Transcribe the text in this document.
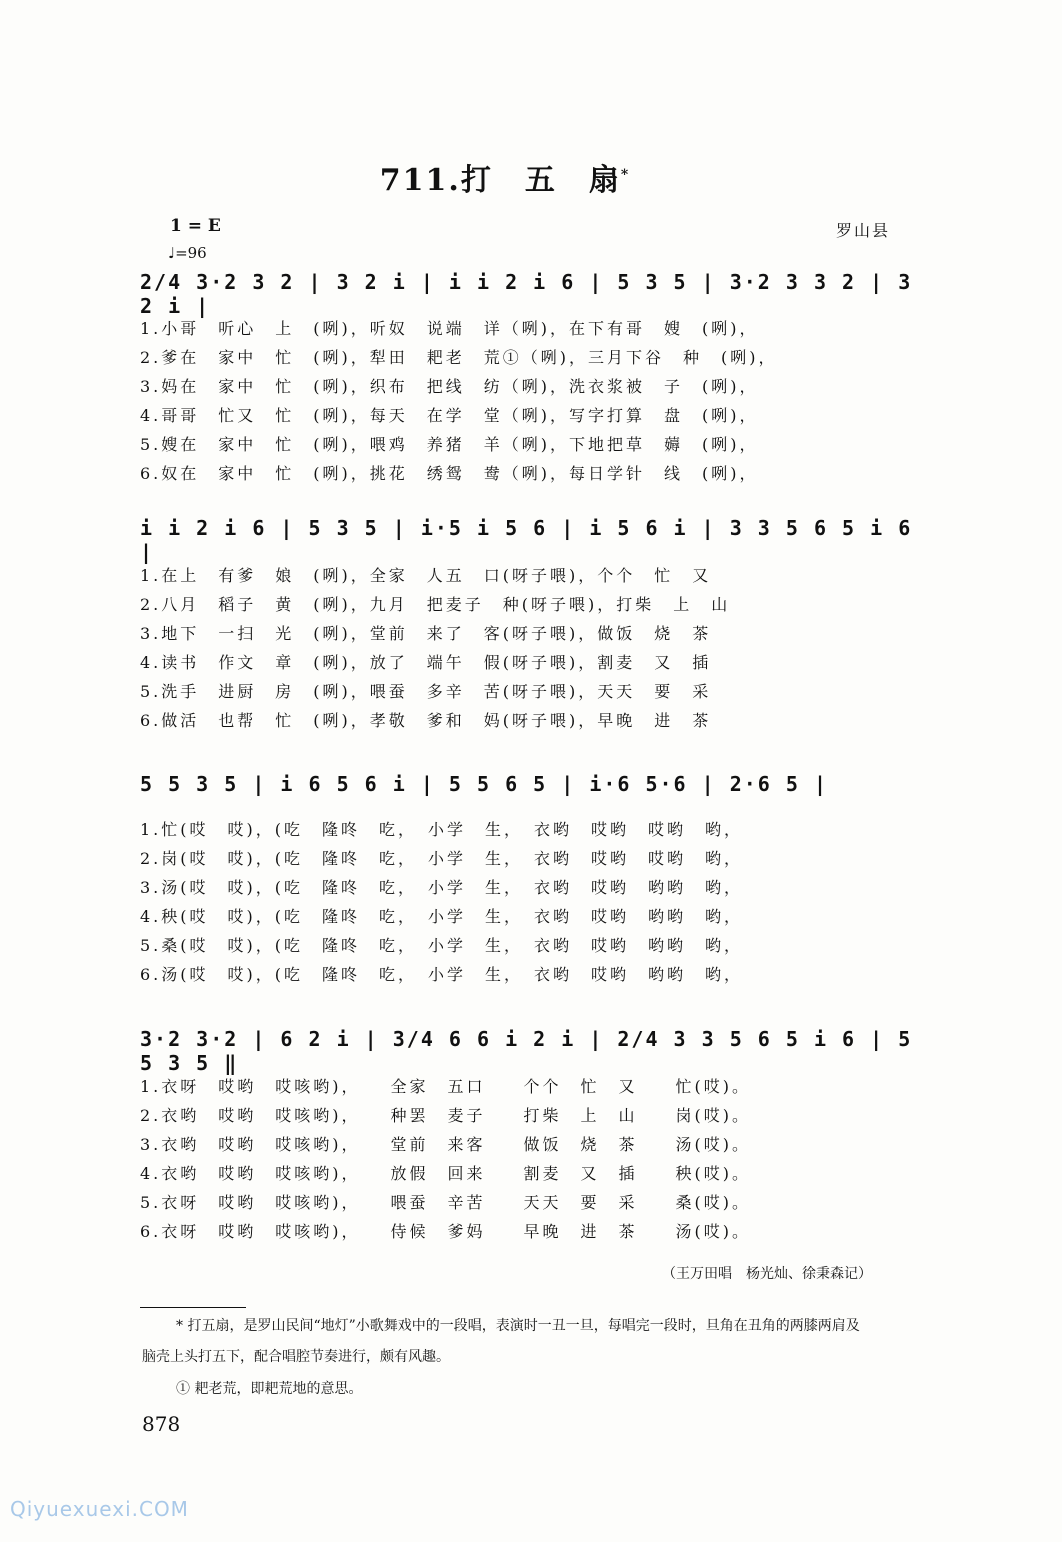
711.打　五　扇*
1 = E
♩=96
罗山县
2/4 3·2 3 2 | 3 2 i | i i 2 i 6 | 5 3 5 | 3·2 3 3 2 | 3 2 i |
1.小哥　听心　上　(咧)，听奴　说端　详（咧)，在下有哥　嫂　(咧)，
2.爹在　家中　忙　(咧)，犁田　耙老　荒①（咧)，三月下谷　种　(咧)，
3.妈在　家中　忙　(咧)，织布　把线　纺（咧)，洗衣浆被　子　(咧)，
4.哥哥　忙又　忙　(咧)，每天　在学　堂（咧)，写字打算　盘　(咧)，
5.嫂在　家中　忙　(咧)，喂鸡　养猪　羊（咧)，下地把草　薅　(咧)，
6.奴在　家中　忙　(咧)，挑花　绣鸳　鸯（咧)，每日学针　线　(咧)，
i i 2 i 6 | 5 3 5 | i·5 i 5 6 | i 5 6 i | 3 3 5 6 5 i 6 |
1.在上　有爹　娘　(咧)，全家　人五　口(呀子喂)，个个　忙　又
2.八月　稻子　黄　(咧)，九月　把麦子　种(呀子喂)，打柴　上　山
3.地下　一扫　光　(咧)，堂前　来了　客(呀子喂)，做饭　烧　茶
4.读书　作文　章　(咧)，放了　端午　假(呀子喂)，割麦　又　插
5.洗手　进厨　房　(咧)，喂蚕　多辛　苦(呀子喂)，天天　要　采
6.做活　也帮　忙　(咧)，孝敬　爹和　妈(呀子喂)，早晚　进　茶
5 5 3 5 | i 6 5 6 i | 5 5 6 5 | i·6 5·6 | 2·6 5 |
1.忙(哎　哎)，(吃　隆咚　吃，　小学　生，　衣哟　哎哟　哎哟　哟，
2.岗(哎　哎)，(吃　隆咚　吃，　小学　生，　衣哟　哎哟　哎哟　哟，
3.汤(哎　哎)，(吃　隆咚　吃，　小学　生，　衣哟　哎哟　哟哟　哟，
4.秧(哎　哎)，(吃　隆咚　吃，　小学　生，　衣哟　哎哟　哟哟　哟，
5.桑(哎　哎)，(吃　隆咚　吃，　小学　生，　衣哟　哎哟　哟哟　哟，
6.汤(哎　哎)，(吃　隆咚　吃，　小学　生，　衣哟　哎哟　哟哟　哟，
3·2 3·2 | 6 2 i | 3/4 6 6 i 2 i | 2/4 3 3 5 6 5 i 6 | 5 5 3 5 ‖
1.衣呀　哎哟　哎咳哟)，　　全家　五口　　个个　忙　又　　忙(哎)。
2.衣哟　哎哟　哎咳哟)，　　种罢　麦子　　打柴　上　山　　岗(哎)。
3.衣哟　哎哟　哎咳哟)，　　堂前　来客　　做饭　烧　茶　　汤(哎)。
4.衣哟　哎哟　哎咳哟)，　　放假　回来　　割麦　又　插　　秧(哎)。
5.衣呀　哎哟　哎咳哟)，　　喂蚕　辛苦　　天天　要　采　　桑(哎)。
6.衣呀　哎哟　哎咳哟)，　　侍候　爹妈　　早晚　进　茶　　汤(哎)。
（王万田唱　杨光灿、徐秉森记）
* 打五扇，是罗山民间“地灯”小歌舞戏中的一段唱，表演时一丑一旦，每唱完一段时，旦角在丑角的两膝两肩及
脑壳上头打五下，配合唱腔节奏进行，颇有风趣。
① 耙老荒，即耙荒地的意思。
878
Qiyuexuexi.COM
